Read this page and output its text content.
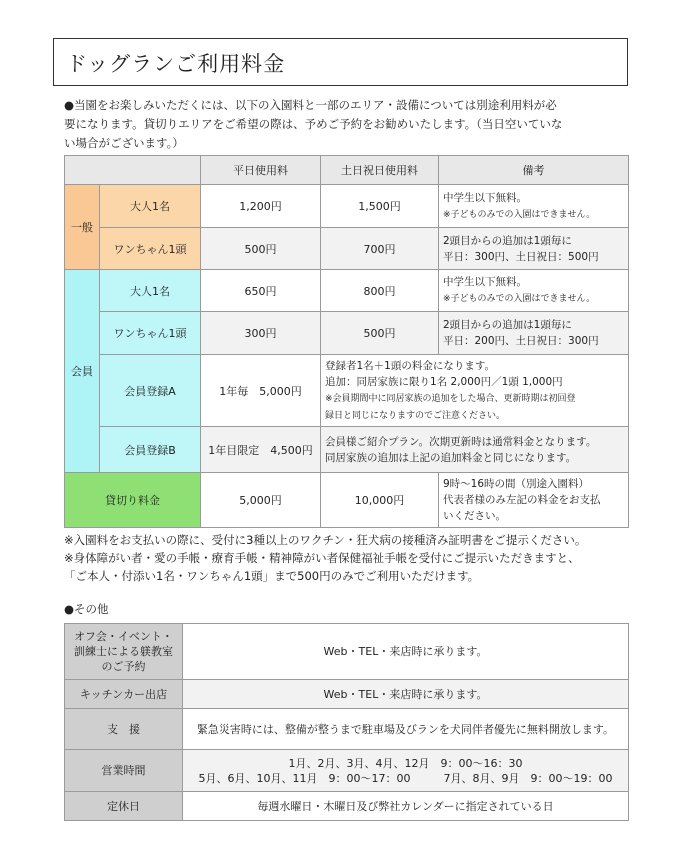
ドッグランご利用料金
●当園をお楽しみいただくには、以下の入園料と一部のエリア・設備については別途利用料が必
要になります。貸切りエリアをご希望の際は、予めご予約をお勧めいたします。（当日空いていな
い場合がございます。）
		平日使用料	土日祝日使用料	備考
一般	大人1名	1,200円	1,500円	中学生以下無料。
※子どものみでの入園はできません。

	ワンちゃん1頭	500円	700円	2頭目からの追加は1頭毎に
平日：300円、土日祝日：500円

会員	大人1名	650円	800円	中学生以下無料。
※子どものみでの入園はできません。

	ワンちゃん1頭	300円	500円	2頭目からの追加は1頭毎に
平日：200円、土日祝日：300円

	会員登録A	1年毎　5,000円	登録者1名＋1頭の料金になります。
追加：同居家族に限り1名 2,000円／1頭 1,000円
※会員期間中に同居家族の追加をした場合、更新時期は初回登
録日と同じになりますのでご注意ください。	

	会員登録B	1年目限定　4,500円	会員様ご紹介プラン。次期更新時は通常料金となります。
同居家族の追加は上記の追加料金と同じになります。	

貸切り料金		5,000円	10,000円	9時～16時の間（別途入園料）
代表者様のみ左記の料金をお支払
いください。
※入園料をお支払いの際に、受付に3種以上のワクチン・狂犬病の接種済み証明書をご提示ください。
※身体障がい者・愛の手帳・療育手帳・精神障がい者保健福祉手帳を受付にご提示いただきますと、
「ご本人・付添い1名・ワンちゃん1頭」まで500円のみでご利用いただけます。
●その他
オフ会・イベント・
訓練士による躾教室
のご予約	Web・TEL・来店時に承ります。
キッチンカー出店	Web・TEL・来店時に承ります。
支　援	緊急災害時には、整備が整うまで駐車場及びランを犬同伴者優先に無料開放します。
営業時間	1月、2月、3月、4月、12月　9：00～16：30
5月、6月、10月、11月　9：00～17：00　　　7月、8月、9月　9：00～19：00

定休日	毎週水曜日・木曜日及び弊社カレンダーに指定されている日
